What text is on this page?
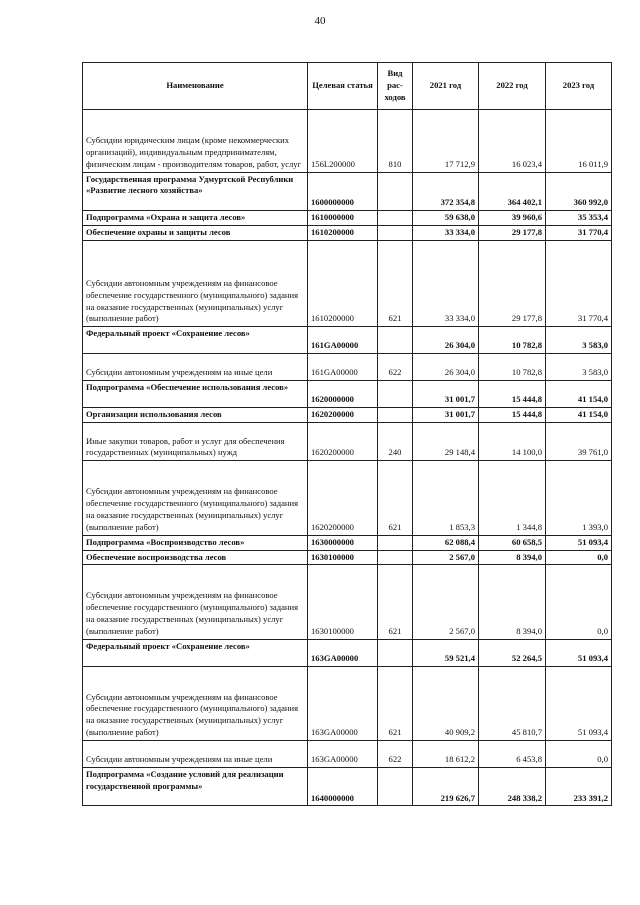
40
Наименование	Целевая статья	Вид рас-ходов	2021 год	2022 год	2023 год
Субсидии юридическим лицам (кроме некоммерческих организаций), индивидуальным предпринимателям, физическим лицам - производителям товаров, работ, услуг	156L200000	810	17 712,9	16 023,4	16 011,9
Государственная программа Удмуртской Республики «Развитие лесного хозяйства»	1600000000		372 354,8	364 402,1	360 992,0
Подпрограмма «Охрана и защита лесов»	1610000000		59 638,0	39 960,6	35 353,4
Обеспечение охраны и защиты лесов	1610200000		33 334,0	29 177,8	31 770,4
Субсидии автономным учреждениям на финансовое обеспечение государственного (муниципального) задания на оказание государственных (муниципальных) услуг (выполнение работ)	1610200000	621	33 334,0	29 177,8	31 770,4
Федеральный проект «Сохранение лесов»	161GA00000		26 304,0	10 782,8	3 583,0
Субсидии автономным учреждениям на иные цели	161GA00000	622	26 304,0	10 782,8	3 583,0
Подпрограмма «Обеспечение использования лесов»	1620000000		31 001,7	15 444,8	41 154,0
Организация использования лесов	1620200000		31 001,7	15 444,8	41 154,0
Иные закупки товаров, работ и услуг для обеспечения государственных (муниципальных) нужд	1620200000	240	29 148,4	14 100,0	39 761,0
Субсидии автономным учреждениям на финансовое обеспечение государственного (муниципального) задания на оказание государственных (муниципальных) услуг (выполнение работ)	1620200000	621	1 853,3	1 344,8	1 393,0
Подпрограмма «Воспроизводство лесов»	1630000000		62 088,4	60 658,5	51 093,4
Обеспечение воспроизводства лесов	1630100000		2 567,0	8 394,0	0,0
Субсидии автономным учреждениям на финансовое обеспечение государственного (муниципального) задания на оказание государственных (муниципальных) услуг (выполнение работ)	1630100000	621	2 567,0	8 394,0	0,0
Федеральный проект «Сохранение лесов»	163GA00000		59 521,4	52 264,5	51 093,4
Субсидии автономным учреждениям на финансовое обеспечение государственного (муниципального) задания на оказание государственных (муниципальных) услуг (выполнение работ)	163GA00000	621	40 909,2	45 810,7	51 093,4
Субсидии автономным учреждениям на иные цели	163GA00000	622	18 612,2	6 453,8	0,0
Подпрограмма «Создание условий для реализации государственной программы»	1640000000		219 626,7	248 338,2	233 391,2
